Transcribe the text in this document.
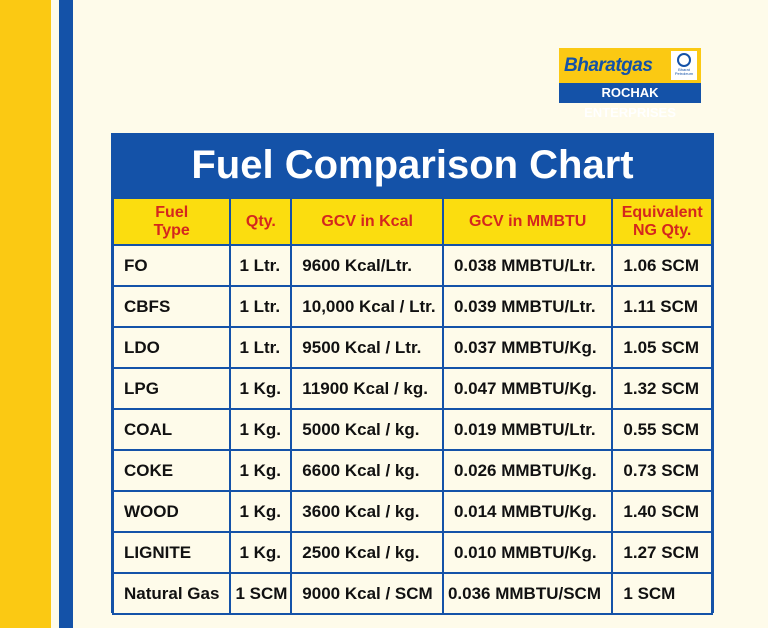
Bharatgas	Bharat Petroleum
ROCHAK ENTERPRISES
Fuel Comparison Chart
Fuel Type	Qty.	GCV in Kcal	GCV in MMBTU	Equivalent NG Qty.
FO	1 Ltr.	9600 Kcal/Ltr.	0.038 MMBTU/Ltr.	1.06 SCM
CBFS	1 Ltr.	10,000 Kcal / Ltr.	0.039 MMBTU/Ltr.	1.11 SCM
LDO	1 Ltr.	9500 Kcal / Ltr.	0.037 MMBTU/Kg.	1.05 SCM
LPG	1 Kg.	11900 Kcal / kg.	0.047 MMBTU/Kg.	1.32 SCM
COAL	1 Kg.	5000 Kcal / kg.	0.019 MMBTU/Ltr.	0.55 SCM
COKE	1 Kg.	6600 Kcal / kg.	0.026 MMBTU/Kg.	0.73 SCM
WOOD	1 Kg.	3600 Kcal / kg.	0.014 MMBTU/Kg.	1.40 SCM
LIGNITE	1 Kg.	2500 Kcal / kg.	0.010 MMBTU/Kg.	1.27 SCM
Natural Gas	1 SCM	9000 Kcal / SCM	0.036 MMBTU/SCM	1 SCM
